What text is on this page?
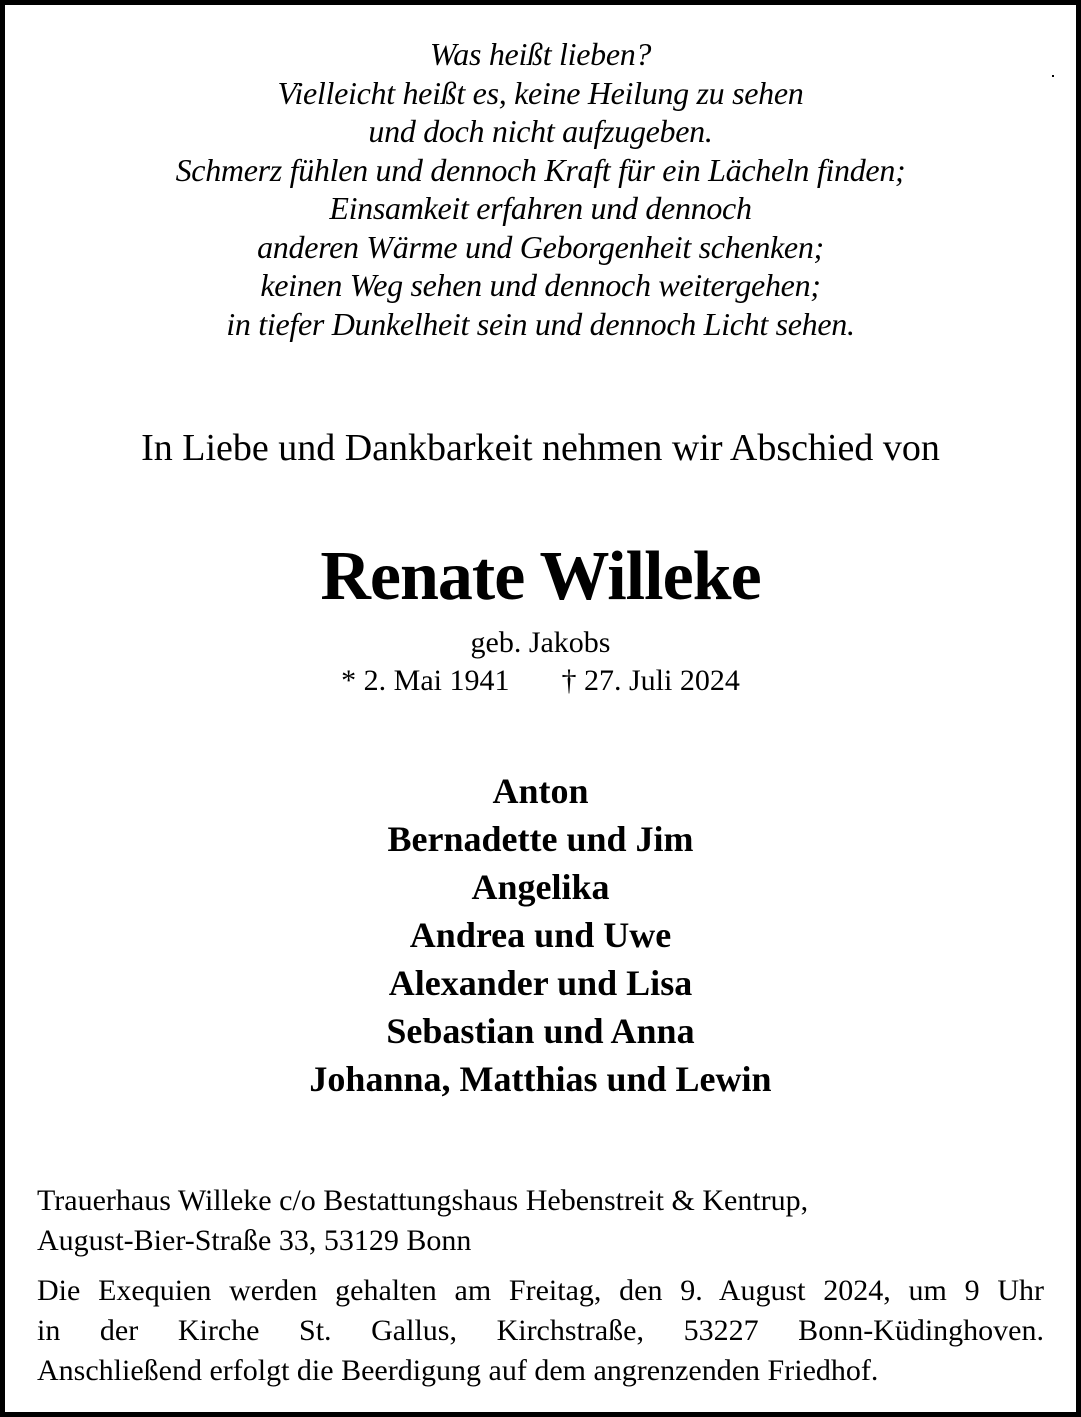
Was heißt lieben?
Vielleicht heißt es, keine Heilung zu sehen
und doch nicht aufzugeben.
Schmerz fühlen und dennoch Kraft für ein Lächeln finden;
Einsamkeit erfahren und dennoch
anderen Wärme und Geborgenheit schenken;
keinen Weg sehen und dennoch weitergehen;
in tiefer Dunkelheit sein und dennoch Licht sehen.
In Liebe und Dankbarkeit nehmen wir Abschied von
Renate Willeke
geb. Jakobs
* 2. Mai 1941 † 27. Juli 2024
Anton
Bernadette und Jim
Angelika
Andrea und Uwe
Alexander und Lisa
Sebastian und Anna
Johanna, Matthias und Lewin
Trauerhaus Willeke c/o Bestattungshaus Hebenstreit & Kentrup,
August-Bier-Straße 33, 53129 Bonn
Die Exequien werden gehalten am Freitag, den 9. August 2024, um 9 Uhr
in der Kirche St. Gallus, Kirchstraße, 53227 Bonn-Küdinghoven.
Anschließend erfolgt die Beerdigung auf dem angrenzenden Friedhof.
